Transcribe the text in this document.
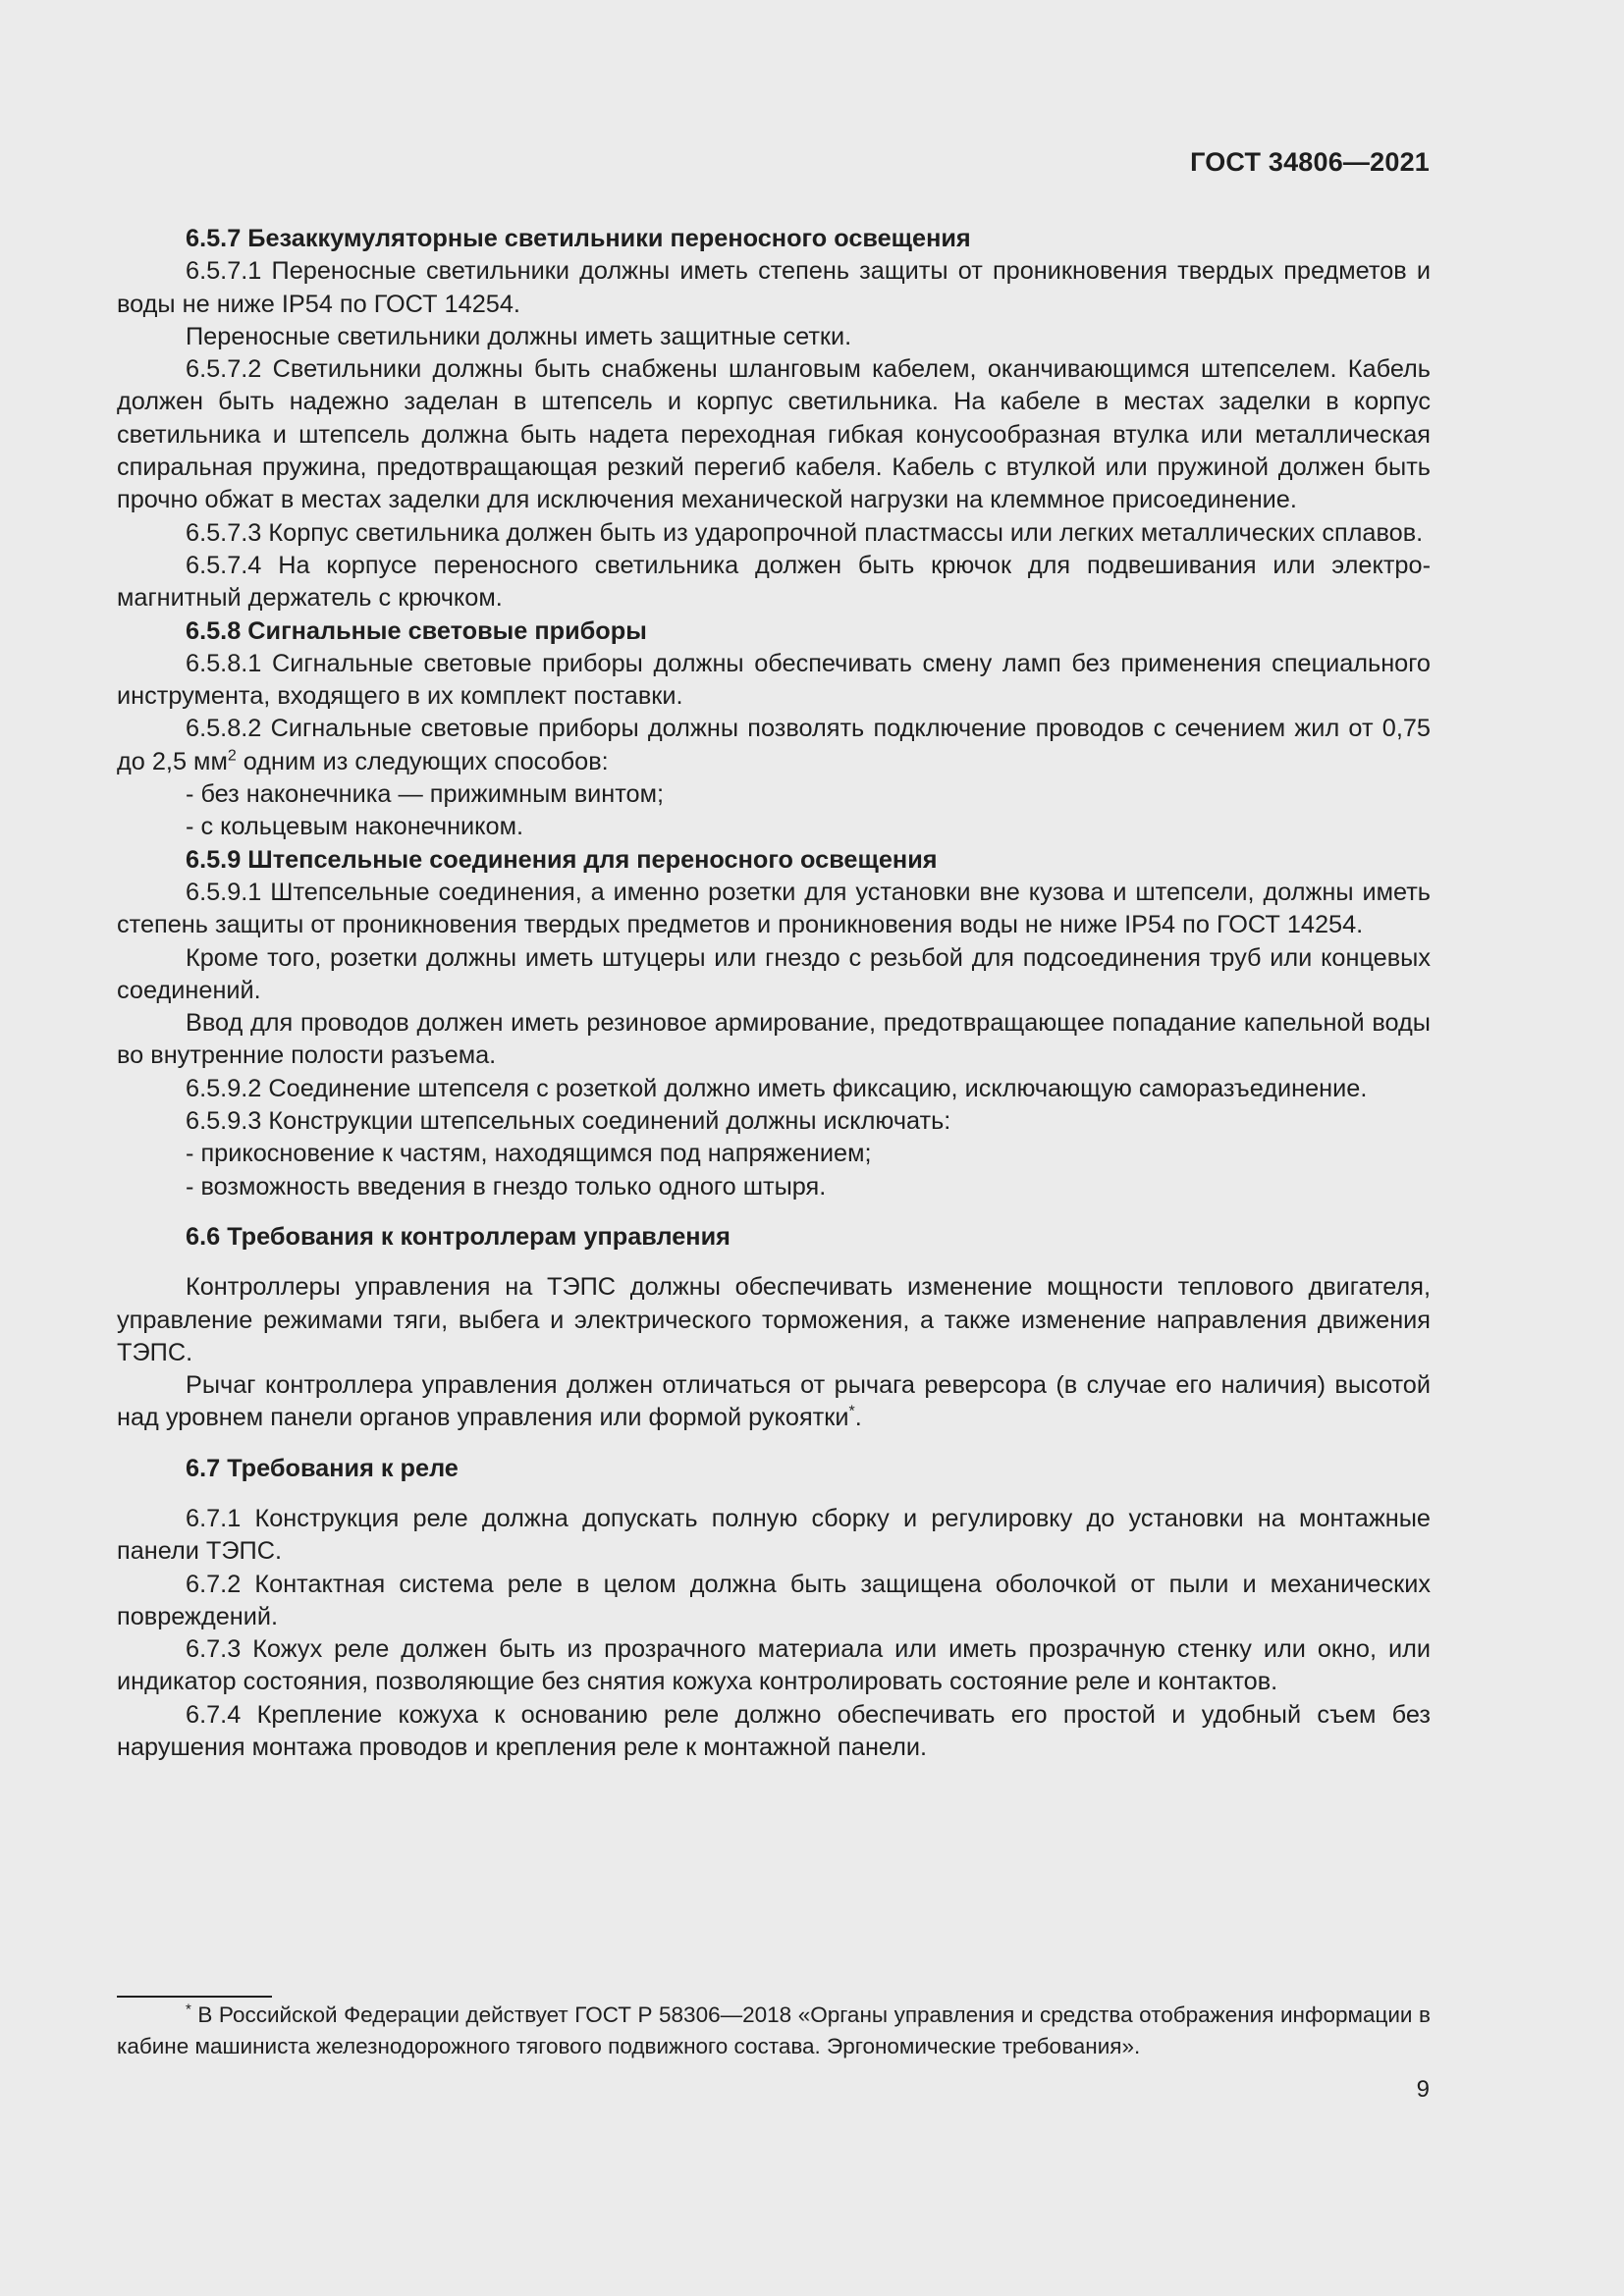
ГОСТ 34806—2021

6.5.7 Безаккумуляторные светильники переносного освещения

6.5.7.1 Переносные светильники должны иметь степень защиты от проникновения твердых предметов и воды не ниже IP54 по ГОСТ 14254.

Переносные светильники должны иметь защитные сетки.

6.5.7.2 Светильники должны быть снабжены шланговым кабелем, оканчивающимся штепселем. Кабель должен быть надежно заделан в штепсель и корпус светильника. На кабеле в местах заделки в корпус светильника и штепсель должна быть надета переходная гибкая конусообразная втулка или металлическая спиральная пружина, предотвращающая резкий перегиб кабеля. Кабель с втулкой или пружиной должен быть прочно обжат в местах заделки для исключения механической нагрузки на клеммное присоединение.

6.5.7.3 Корпус светильника должен быть из ударопрочной пластмассы или легких металлических сплавов.

6.5.7.4 На корпусе переносного светильника должен быть крючок для подвешивания или электромагнитный держатель с крючком.

6.5.8 Сигнальные световые приборы

6.5.8.1 Сигнальные световые приборы должны обеспечивать смену ламп без применения специального инструмента, входящего в их комплект поставки.

6.5.8.2 Сигнальные световые приборы должны позволять подключение проводов с сечением жил от 0,75 до 2,5 $мм^2$ одним из следующих способов:

- без наконечника — прижимным винтом;

- с кольцевым наконечником.

6.5.9 Штепсельные соединения для переносного освещения

6.5.9.1 Штепсельные соединения, а именно розетки для установки вне кузова и штепсели, должны иметь степень защиты от проникновения твердых предметов и проникновения воды не ниже IP54 по ГОСТ 14254.

Кроме того, розетки должны иметь штуцеры или гнездо с резьбой для подсоединения труб или концевых соединений.

Ввод для проводов должен иметь резиновое армирование, предотвращающее попадание капельной воды во внутренние полости разъема.

6.5.9.2 Соединение штепселя с розеткой должно иметь фиксацию, исключающую саморазъединение.

6.5.9.3 Конструкции штепсельных соединений должны исключать:

- прикосновение к частям, находящимся под напряжением;

- возможность введения в гнездо только одного штыря.

6.6 Требования к контроллерам управления

Контроллеры управления на ТЭПС должны обеспечивать изменение мощности теплового двигателя, управление режимами тяги, выбега и электрического торможения, а также изменение направления движения ТЭПС.

Рычаг контроллера управления должен отличаться от рычага реверсора (в случае его наличия) высотой над уровнем панели органов управления или формой рукоятки*.

6.7 Требования к реле

6.7.1 Конструкция реле должна допускать полную сборку и регулировку до установки на монтажные панели ТЭПС.

6.7.2 Контактная система реле в целом должна быть защищена оболочкой от пыли и механических повреждений.

6.7.3 Кожух реле должен быть из прозрачного материала или иметь прозрачную стенку или окно, или индикатор состояния, позволяющие без снятия кожуха контролировать состояние реле и контактов.

6.7.4 Крепление кожуха к основанию реле должно обеспечивать его простой и удобный съем без нарушения монтажа проводов и крепления реле к монтажной панели.

* В Российской Федерации действует ГОСТ Р 58306—2018 «Органы управления и средства отображения информации в кабине машиниста железнодорожного тягового подвижного состава. Эргономические требования».

9
